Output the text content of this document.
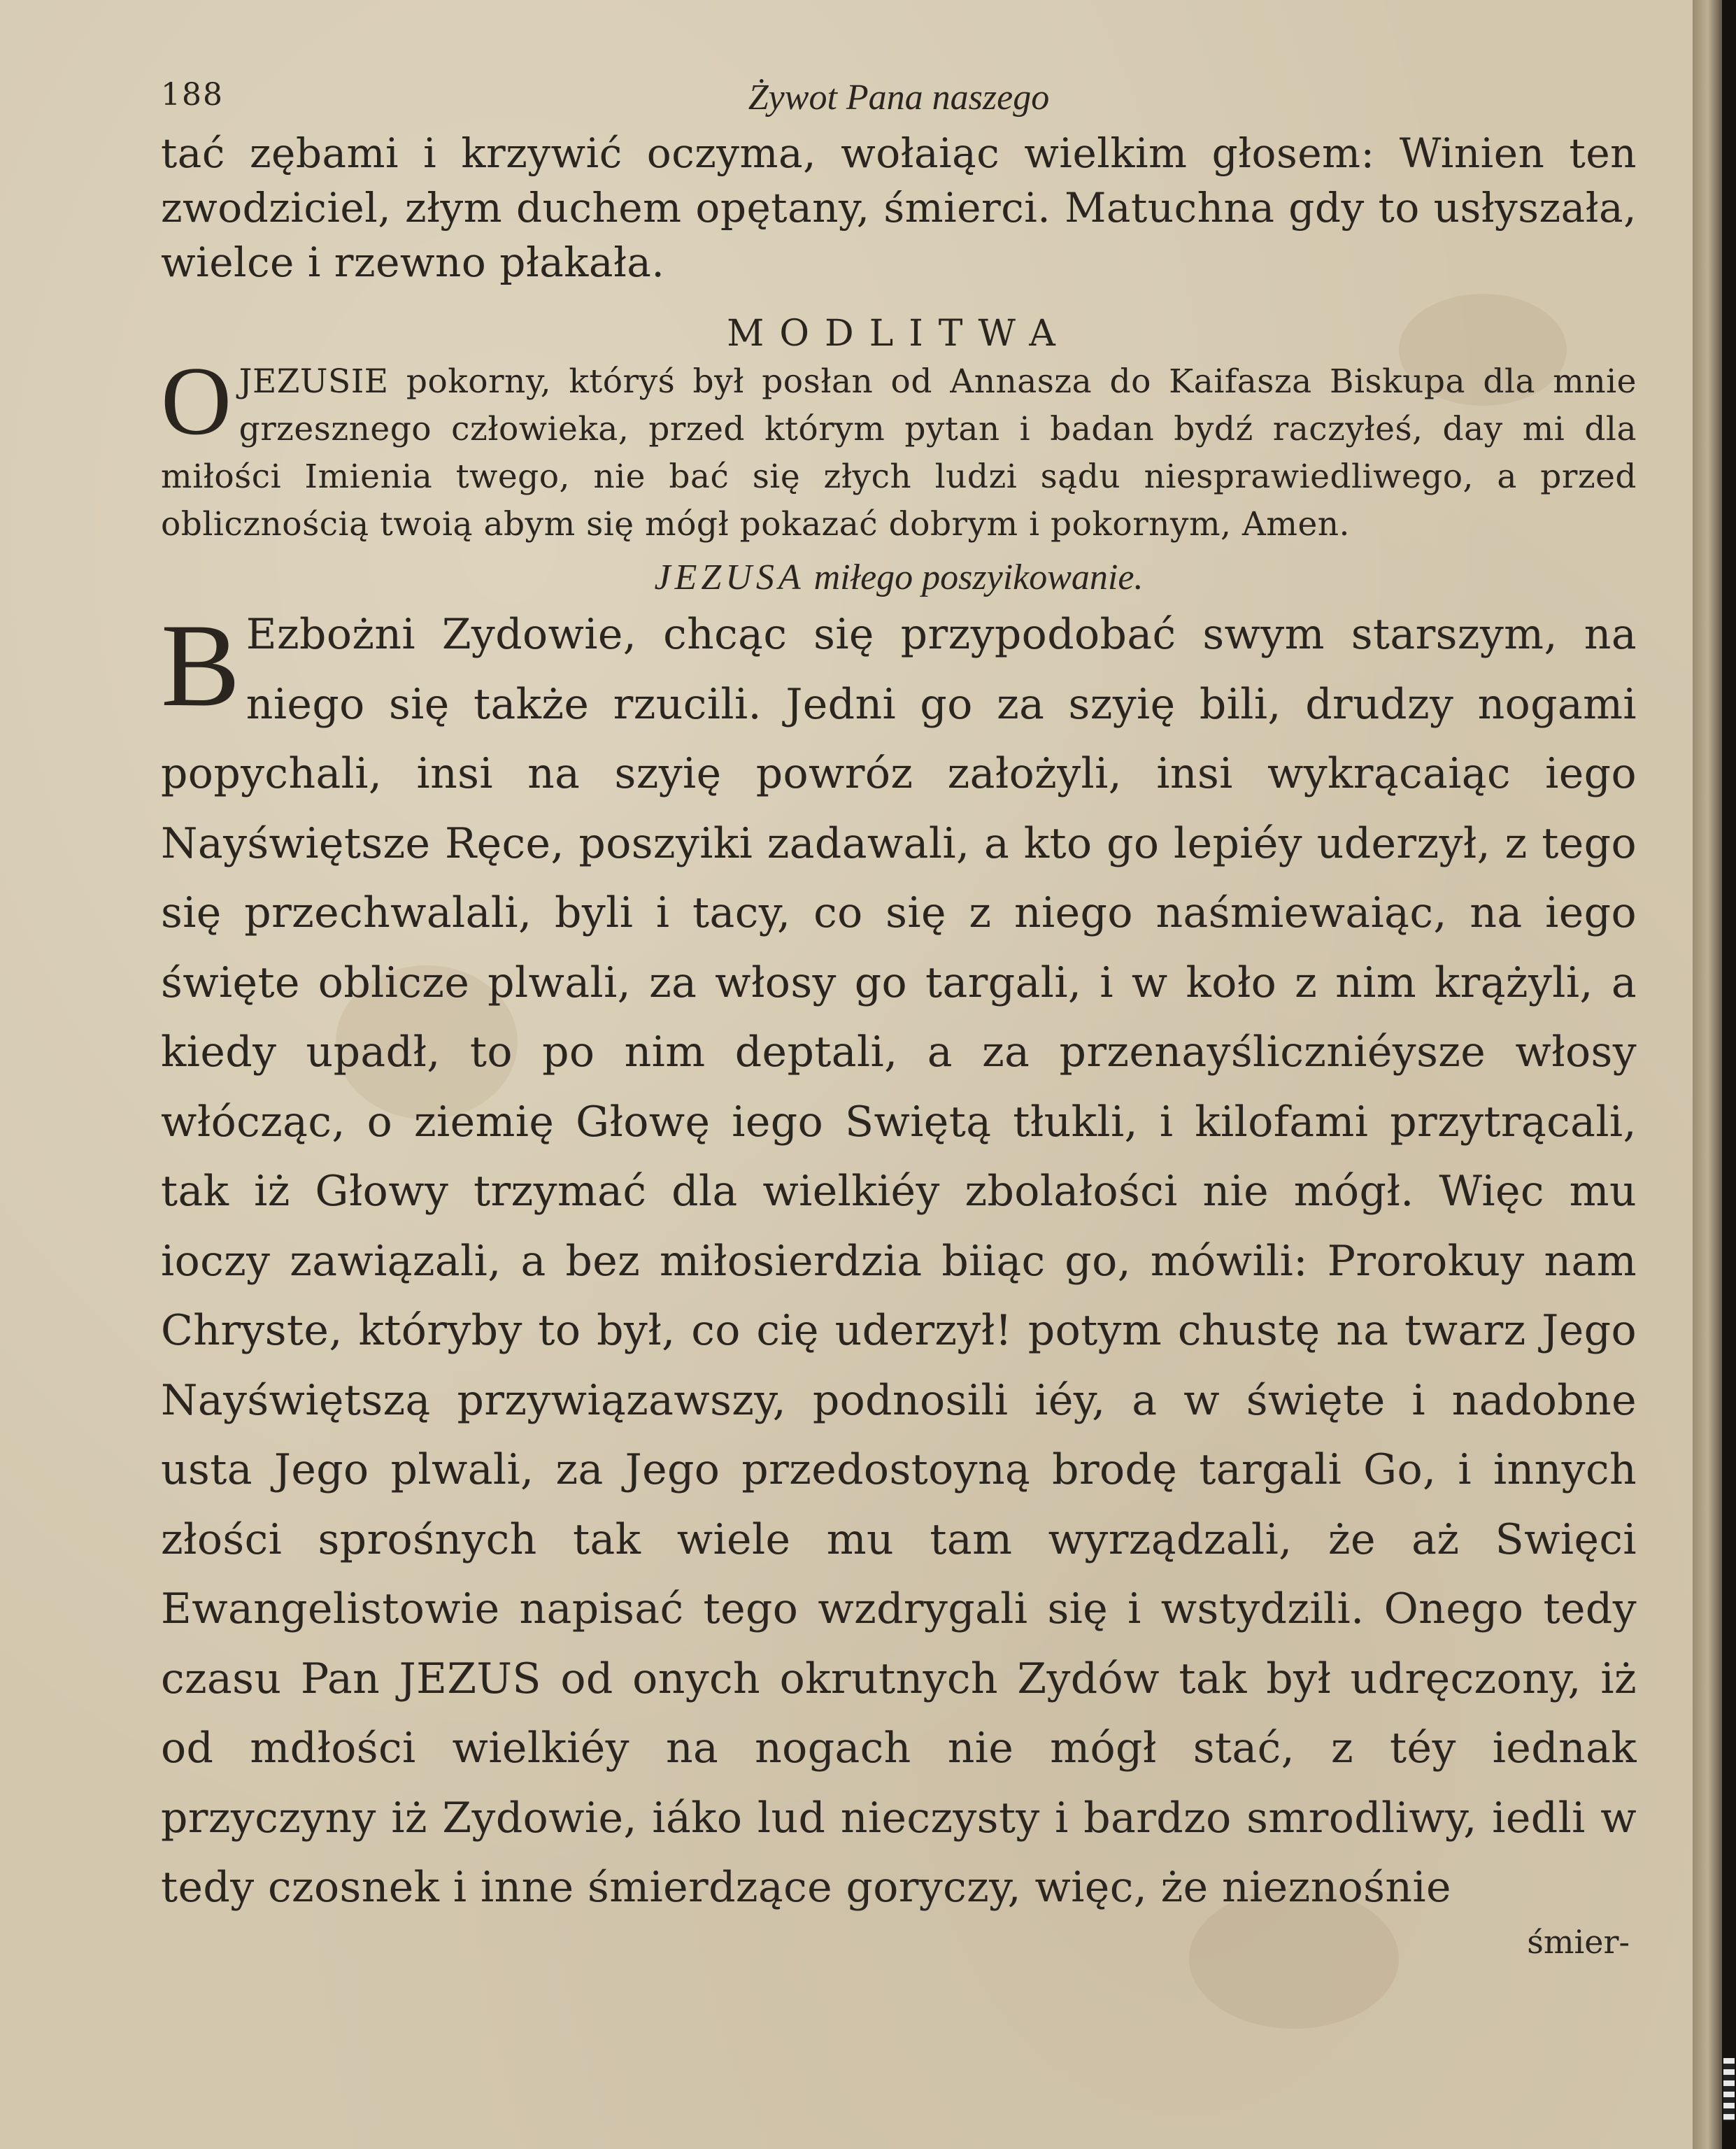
188	Żywot Pana naszego
tać zębami i krzywić oczyma, wołaiąc wielkim głosem: Winien ten zwodziciel, złym duchem opętany, śmierci. Matuchna gdy to usłyszała, wielce i rzewno płakała.
MODLITWA
O JEZUSIE pokorny, któryś był posłan od Annasza do Kaifasza Biskupa dla mnie grzesznego człowieka, przed którym pytan i badan bydź raczyłeś, day mi dla miłości Imienia twego, nie bać się złych ludzi sądu niesprawiedliwego, a przed oblicznością twoią abym się mógł pokazać dobrym i pokornym, Amen.
JEZUSA miłego poszyikowanie.
B Ezbożni Zydowie, chcąc się przypodobać swym starszym, na niego się także rzucili. Jedni go za szyię bili, drudzy nogami popychali, insi na szyię powróz założyli, insi wykrącaiąc iego Nayświętsze Ręce, poszyiki zadawali, a kto go lepiéy uderzył, z tego się przechwalali, byli i tacy, co się z niego naśmiewaiąc, na iego święte oblicze plwali, za włosy go targali, i w koło z nim krążyli, a kiedy upadł, to po nim deptali, a za przenayśliczniéysze włosy włócząc, o ziemię Głowę iego Swiętą tłukli, i kilofami przytrącali, tak iż Głowy trzymać dla wielkiéy zbolałości nie mógł. Więc mu ioczy zawiązali, a bez miłosierdzia biiąc go, mówili: Prorokuy nam Chryste, któryby to był, co cię uderzył! potym chustę na twarz Jego Nayświętszą przywiązawszy, podnosili iéy, a w święte i nadobne usta Jego plwali, za Jego przedostoyną brodę targali Go, i innych złości sprośnych tak wiele mu tam wyrządzali, że aż Swięci Ewangelistowie napisać tego wzdrygali się i wstydzili. Onego tedy czasu Pan JEZUS od onych okrutnych Zydów tak był udręczony, iż od mdłości wielkiéy na nogach nie mógł stać, z téy iednak przyczyny iż Zydowie, iáko lud nieczysty i bardzo smrodliwy, iedli w tedy czosnek i inne śmierdzące goryczy, więc, że nieznośnie
śmier-
